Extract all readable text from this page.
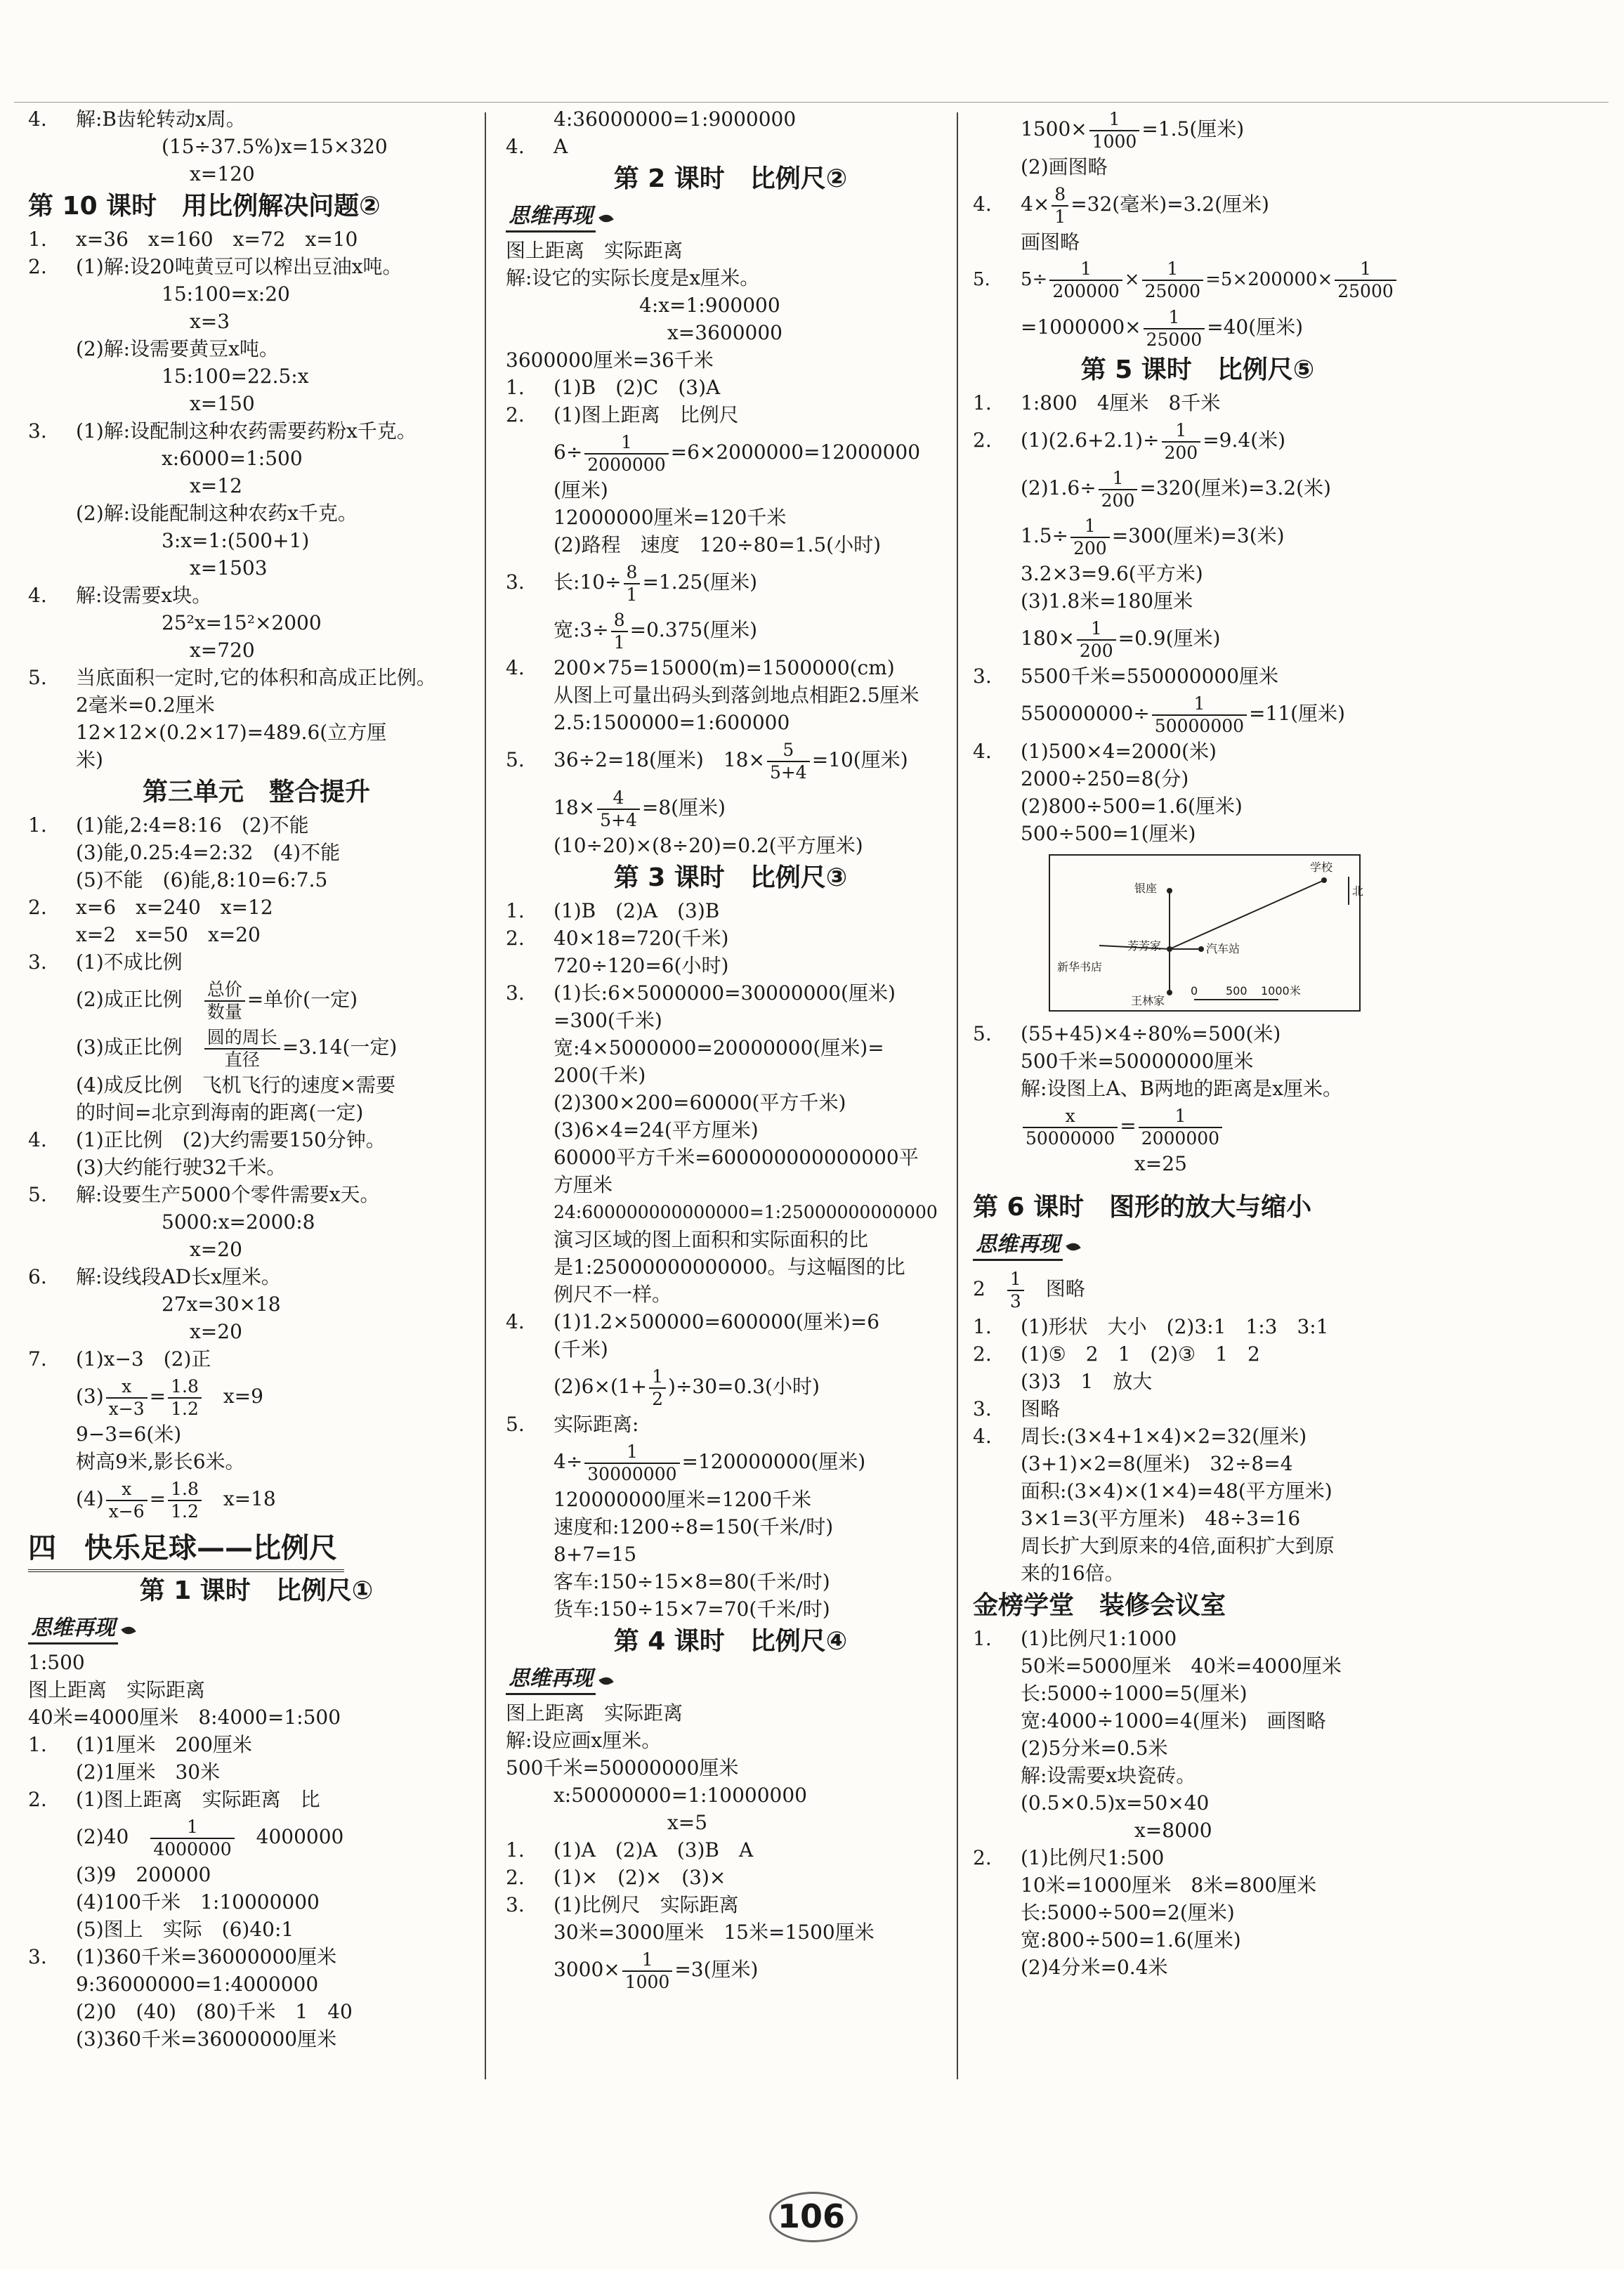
4. 解:B齿轮转动x周。
(15÷37.5%)x=15×320
x=120
第 10 课时　用比例解决问题②
1. x=36　x=160　x=72　x=10
2. (1)解:设20吨黄豆可以榨出豆油x吨。
15:100=x:20
x=3
(2)解:设需要黄豆x吨。
15:100=22.5:x
x=150
3. (1)解:设配制这种农药需要药粉x千克。
x:6000=1:500
x=12
(2)解:设能配制这种农药x千克。
3:x=1:(500+1)
x=1503
4. 解:设需要x块。
25²x=15²×2000
x=720
5. 当底面积一定时,它的体积和高成正比例。
2毫米=0.2厘米
12×12×(0.2×17)=489.6(立方厘
米)
第三单元　整合提升
1. (1)能,2:4=8:16　(2)不能
(3)能,0.25:4=2:32　(4)不能
(5)不能　(6)能,8:10=6:7.5
2. x=6　x=240　x=12
x=2　x=50　x=20
3. (1)不成比例
(2)成正比例　 总价
数量
=单价(一定)
(3)成正比例　 圆的周长
直径
=3.14(一定)
(4)成反比例　飞机飞行的速度×需要
的时间=北京到海南的距离(一定)
4. (1)正比例　(2)大约需要150分钟。
(3)大约能行驶32千米。
5. 解:设要生产5000个零件需要x天。
5000:x=2000:8
x=20
6. 解:设线段AD长x厘米。
27x=30×18
x=20
7. (1)x−3　(2)正
$(3) \frac{x}{x-3} = \frac{1.8}{1.2}$ 　x=9
9−3=6(米)
树高9米,影长6米。
$(4) \frac{x}{x-6} = \frac{1.8}{1.2}$ 　x=18
四　快乐足球——比例尺
第 1 课时　比例尺①
思维再现
1:500
图上距离　实际距离
40米=4000厘米　8:4000=1:500
1. (1)1厘米　200厘米
(2)1厘米　30米
2. (1)图上距离　实际距离　比
(2)40　 $\frac{1}{4000000}$
　 4000000
(3)9　200000
(4)100千米　1:10000000
(5)图上　实际　(6)40:1
3. (1)360千米=36000000厘米
9:36000000=1:4000000
(2)0　(40)　(80)千米　1　40
(3)360千米=36000000厘米
4:36000000=1:9000000
4. A
第 2 课时　比例尺②
思维再现
图上距离　实际距离
解:设它的实际长度是x厘米。
4:x=1:900000
x=3600000
3600000厘米=36千米
1. (1)B　(2)C　(3)A
2. (1)图上距离　比例尺
$6\div \frac{1}{2000000} =6\times 2000000=12000000$
(厘米)
12000000厘米=120千米
(2)路程　速度　120÷80=1.5(小时)
3. 长:10÷ $\frac{8}{1} =1.25$(厘米)
宽:3÷ $\frac{8}{1} =0.375$(厘米)
4. 200×75=15000(m)=1500000(cm)
从图上可量出码头到落剑地点相距2.5厘米
2.5:1500000=1:600000
5. 36÷2=18(厘米)　$18\times \frac{5}{5+4} =10$(厘米)
$18\times \frac{4}{5+4} =8$(厘米)
(10÷20)×(8÷20)=0.2(平方厘米)
第 3 课时　比例尺③
1. (1)B　(2)A　(3)B
2. 40×18=720(千米)
720÷120=6(小时)
3. (1)长:6×5000000=30000000(厘米)
=300(千米)
宽:4×5000000=20000000(厘米)=
200(千米)
(2)300×200=60000(平方千米)
(3)6×4=24(平方厘米)
60000平方千米=600000000000000平
方厘米
24:600000000000000=1:25000000000000
演习区域的图上面积和实际面积的比
是1:25000000000000。与这幅图的比
例尺不一样。
4. (1)1.2×500000=600000(厘米)=6
(千米)
$(2)6\times(1+ \frac{1}{2} )\div 30=0.3$(小时)
5. 实际距离:
$4\div \frac{1}{30000000} =120000000$(厘米)
120000000厘米=1200千米
速度和:1200÷8=150(千米/时)
8+7=15
客车:150÷15×8=80(千米/时)
货车:150÷15×7=70(千米/时)
第 4 课时　比例尺④
思维再现
图上距离　实际距离
解:设应画x厘米。
500千米=50000000厘米
x:50000000=1:10000000
x=5
1. (1)A　(2)A　(3)B　A
2. (1)×　(2)×　(3)×
3. (1)比例尺　实际距离
30米=3000厘米　15米=1500厘米
$3000\times \frac{1}{1000} =3$(厘米)
$1500\times \frac{1}{1000} =1.5$(厘米)
(2)画图略
4. $4\times \frac{8}{1} =32$(毫米)=3.2(厘米)
画图略
5. $5\div \frac{1}{200000} \times \frac{1}{25000} =5\times 200000\times \frac{1}{25000}$
$=1000000\times \frac{1}{25000} =40$(厘米)
第 5 课时　比例尺⑤
1. 1:800　4厘米　8千米
2. $(1)(2.6+2.1)\div \frac{1}{200} =9.4$(米)
$(2)1.6\div \frac{1}{200} =320$(厘米)=3.2(米)
$1.5\div \frac{1}{200} =300$(厘米)=3(米)
3.2×3=9.6(平方米)
(3)1.8米=180厘米
$180\times \frac{1}{200} =0.9$(厘米)
3. 5500千米=550000000厘米
$550000000\div \frac{1}{50000000} =11$(厘米)
4. (1)500×4=2000(米)
2000÷250=8(分)
(2)800÷500=1.6(厘米)
500÷500=1(厘米)
学校
北
银座
芳芳家	汽车站
新华书店
王林家
0 500 1000米
5. (55+45)×4÷80%=500(米)
500千米=50000000厘米
解:设图上A、B两地的距离是x厘米。
$\frac{x}{50000000} = \frac{1}{2000000}$
x=25
第 6 课时　图形的放大与缩小
思维再现
2　 $\frac{1}{3}$
　 图略
1. (1)形状　大小　(2)3:1　1:3　3:1
2. (1)⑤　2　1　(2)③　1　2
(3)3　1　放大
3. 图略
4. 周长:(3×4+1×4)×2=32(厘米)
(3+1)×2=8(厘米)　32÷8=4
面积:(3×4)×(1×4)=48(平方厘米)
3×1=3(平方厘米)　48÷3=16
周长扩大到原来的4倍,面积扩大到原
来的16倍。
金榜学堂　装修会议室
1. (1)比例尺1:1000
50米=5000厘米　40米=4000厘米
长:5000÷1000=5(厘米)
宽:4000÷1000=4(厘米)　画图略
(2)5分米=0.5米
解:设需要x块瓷砖。
(0.5×0.5)x=50×40
x=8000
2. (1)比例尺1:500
10米=1000厘米　8米=800厘米
长:5000÷500=2(厘米)
宽:800÷500=1.6(厘米)
(2)4分米=0.4米
106
